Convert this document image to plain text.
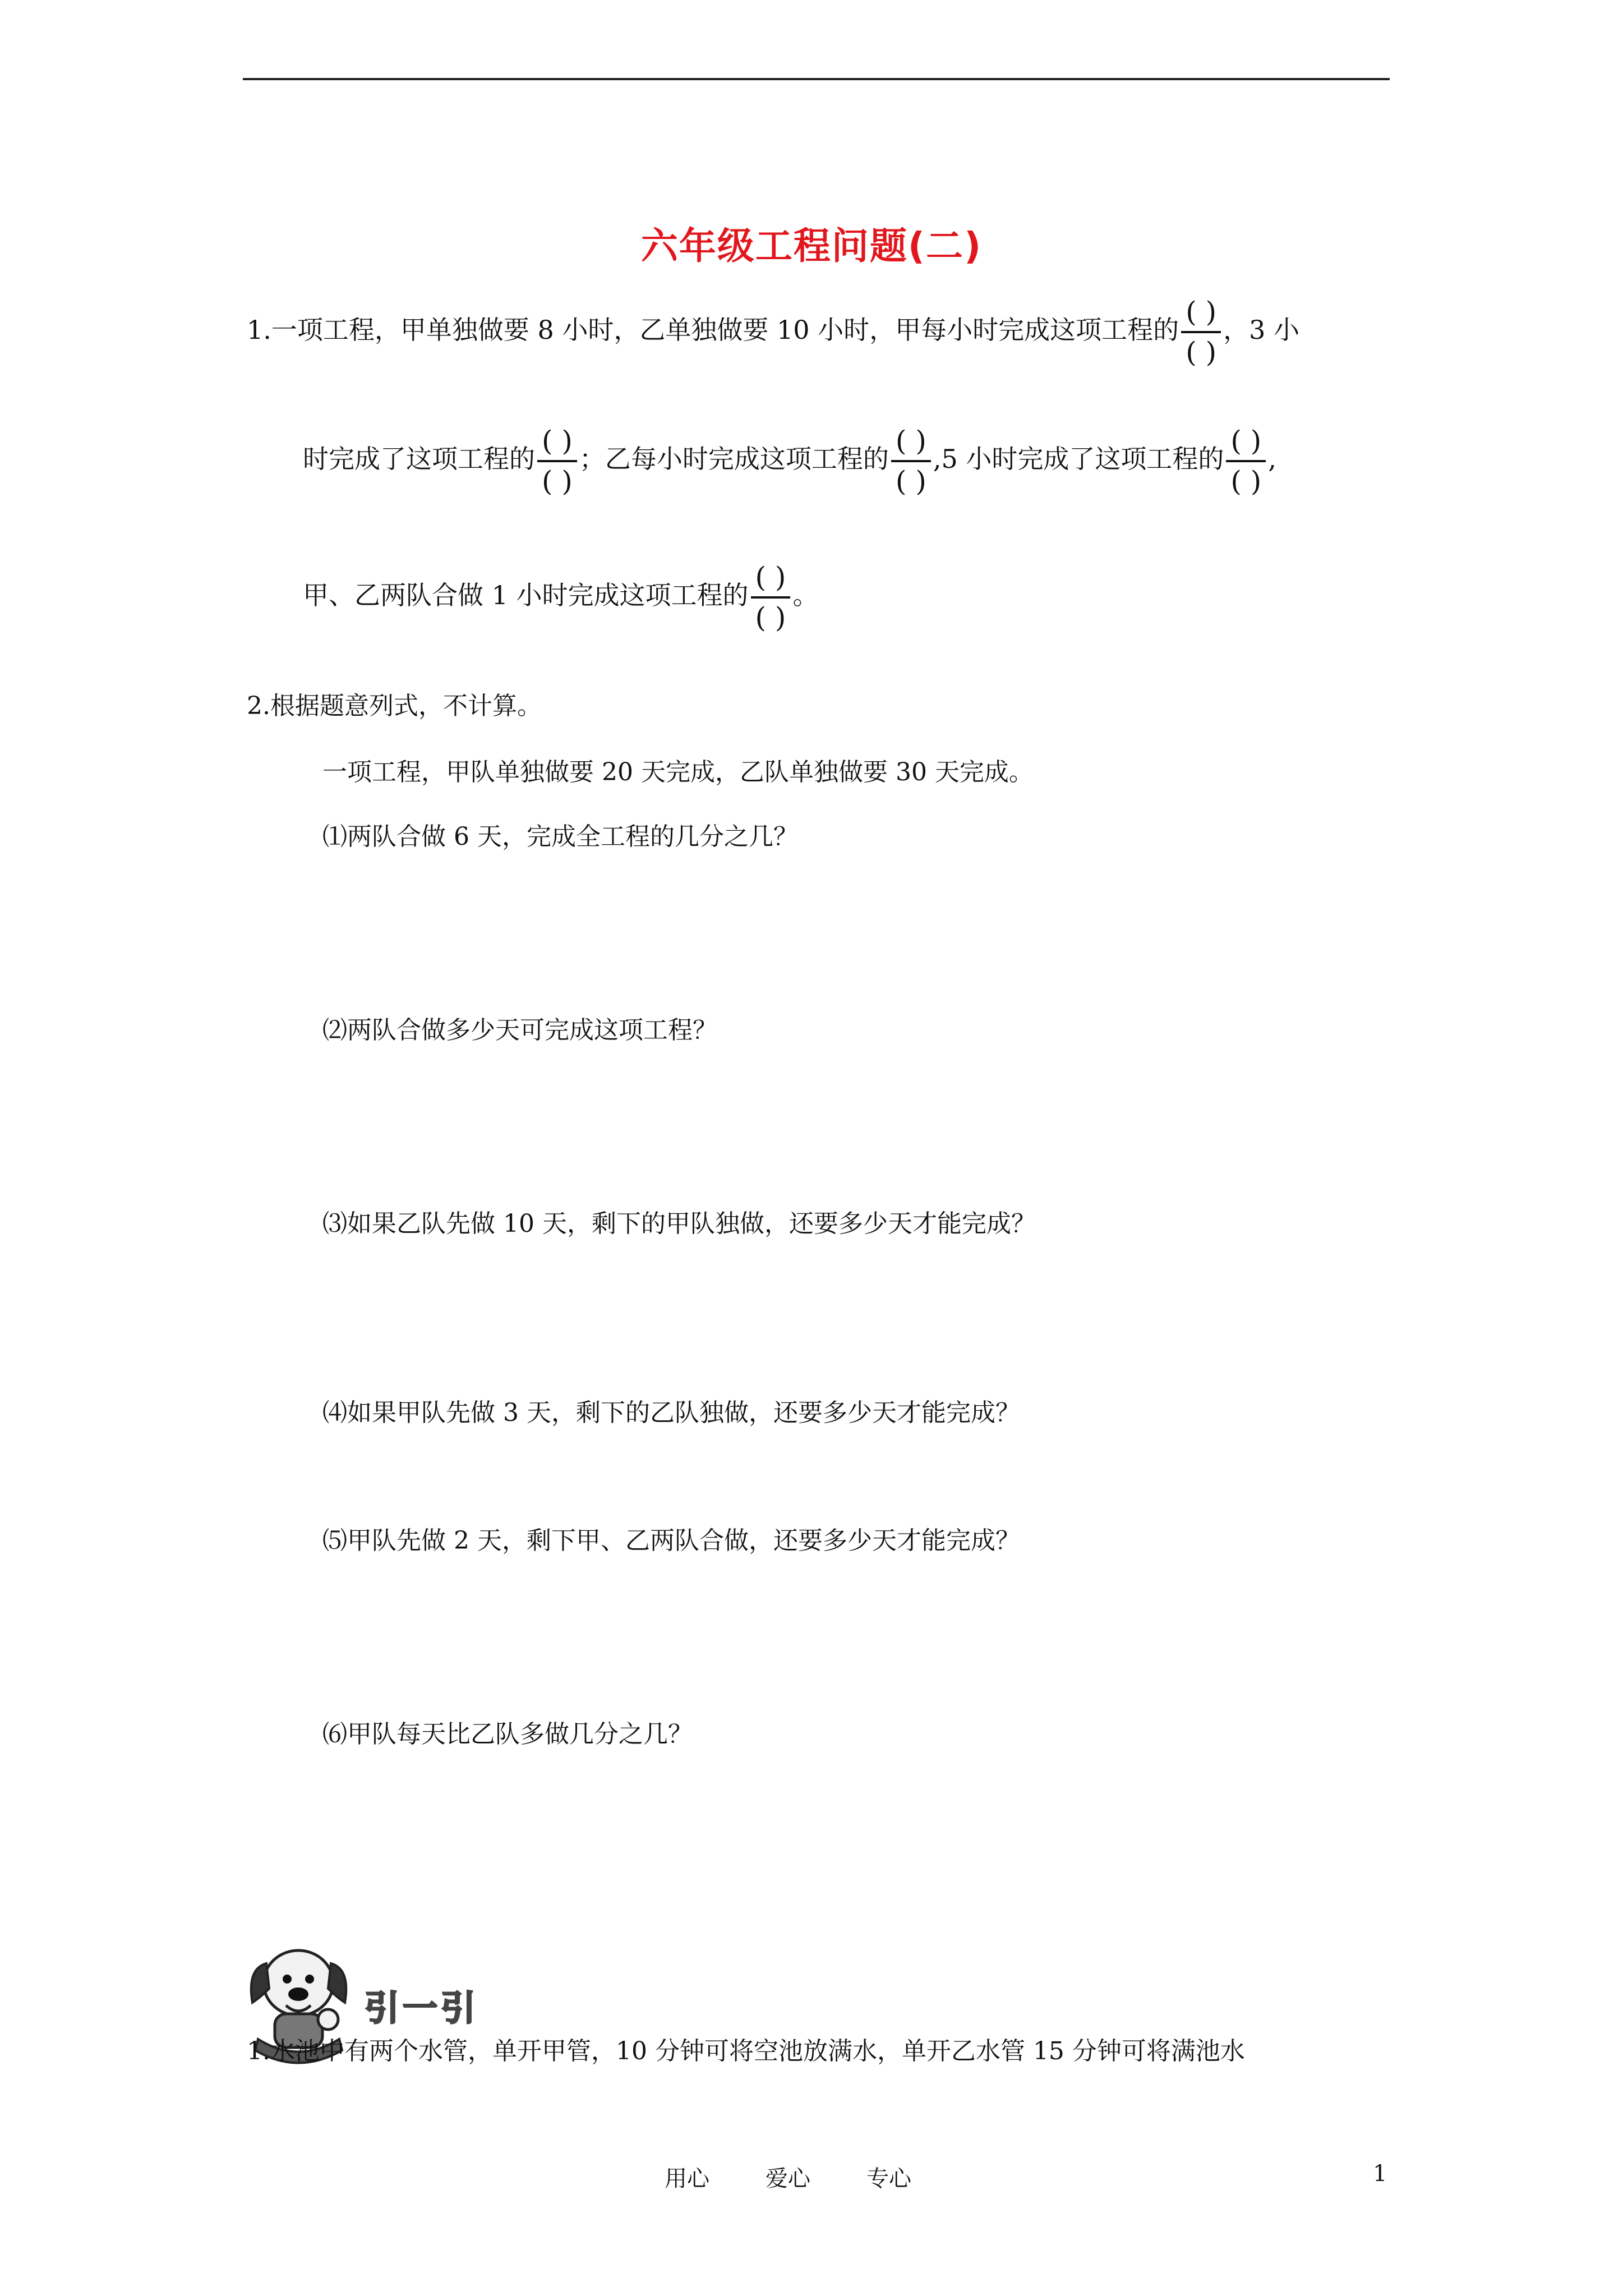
六年级工程问题(二)
1.一项工程，甲单独做要 8 小时，乙单独做要 10 小时，甲每小时完成这项工程的 $\frac{( )}{( )}$ ，3 小
时完成了这项工程的 $\frac{( )}{( )}$ ；乙每小时完成这项工程的 $\frac{( )}{( )} ,5$ 小时完成了这项工程的 $\frac{( )}{( )}$ ,
甲、乙两队合做 1 小时完成这项工程的 $\frac{( )}{( )}$ 。
2.根据题意列式，不计算。
一项工程，甲队单独做要 20 天完成，乙队单独做要 30 天完成。
⑴两队合做 6 天，完成全工程的几分之几？
⑵两队合做多少天可完成这项工程？
⑶如果乙队先做 10 天，剩下的甲队独做，还要多少天才能完成？
⑷如果甲队先做 3 天，剩下的乙队独做，还要多少天才能完成？
⑸甲队先做 2 天，剩下甲、乙两队合做，还要多少天才能完成？
⑹甲队每天比乙队多做几分之几？
引一引
1.水池中有两个水管，单开甲管，10 分钟可将空池放满水，单开乙水管 15 分钟可将满池水
用心	爱心	专心	1
